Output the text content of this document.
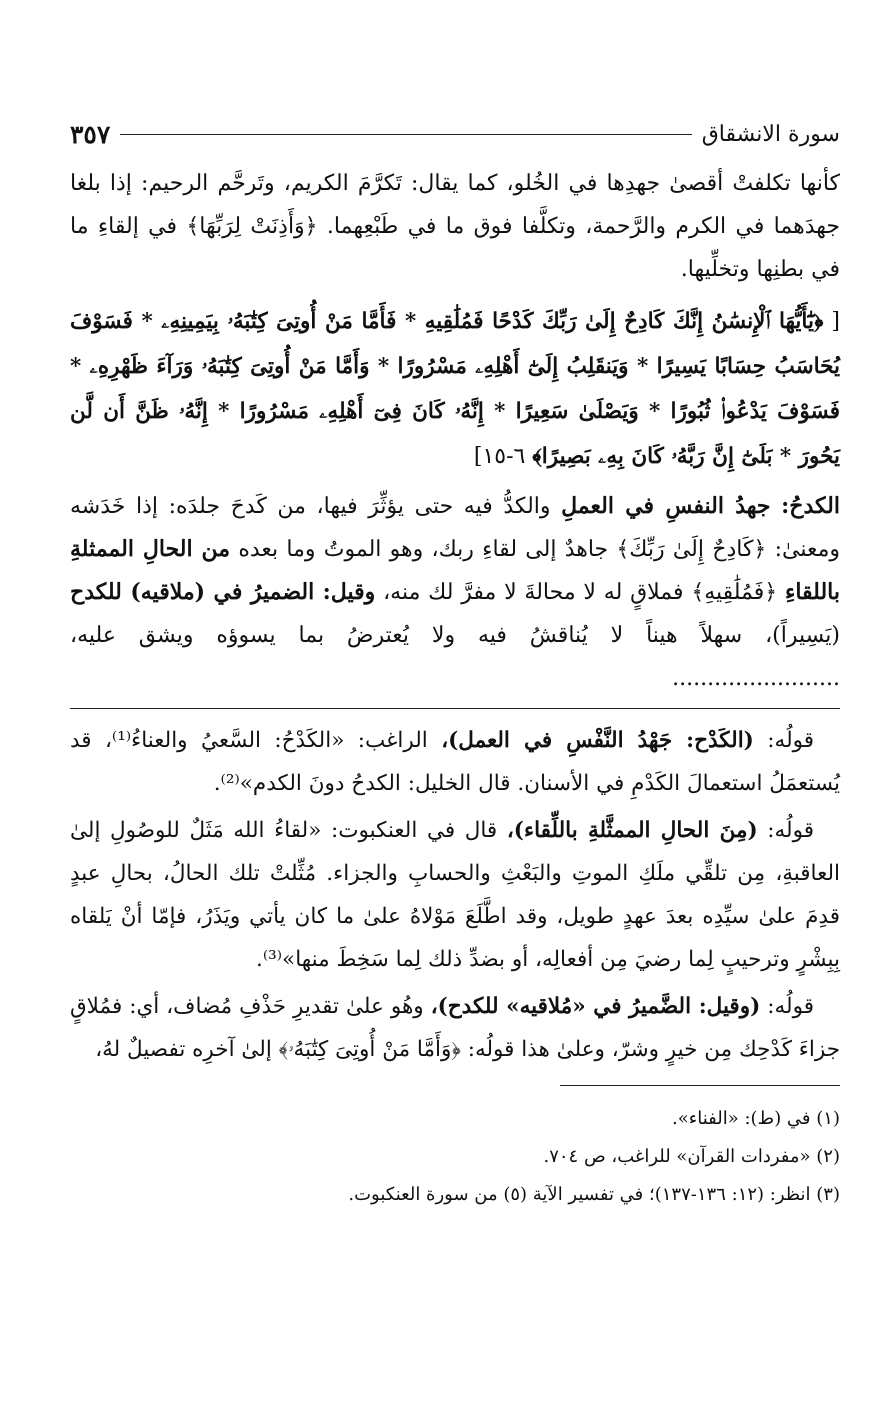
سورة الانشقاق
٣٥٧

كأنها تكلفتْ أقصىٰ جهدِها في الخُلو، كما يقال: تَكرَّمَ الكريم، وتَرحَّم الرحيم: إذا بلغا جهدَهما في الكرم والرَّحمة، وتكلَّفا فوق ما في طَبْعِهما. ﴿وَأَذِنَتْ لِرَبِّهَا﴾ في إلقاءِ ما في بطنِها وتخلِّيها.

[ ﴿يَٰٓأَيُّهَا ٱلْإِنسَٰنُ إِنَّكَ كَادِحٌ إِلَىٰ رَبِّكَ كَدْحًا فَمُلَٰقِيهِ * فَأَمَّا مَنْ أُوتِىَ كِتَٰبَهُۥ بِيَمِينِهِۦ * فَسَوْفَ يُحَاسَبُ حِسَابًا يَسِيرًا * وَيَنقَلِبُ إِلَىٰٓ أَهْلِهِۦ مَسْرُورًا * وَأَمَّا مَنْ أُوتِىَ كِتَٰبَهُۥ وَرَآءَ ظَهْرِهِۦ * فَسَوْفَ يَدْعُوا۟ ثُبُورًا * وَيَصْلَىٰ سَعِيرًا * إِنَّهُۥ كَانَ فِىٓ أَهْلِهِۦ مَسْرُورًا * إِنَّهُۥ ظَنَّ أَن لَّن يَحُورَ * بَلَىٰٓ إِنَّ رَبَّهُۥ كَانَ بِهِۦ بَصِيرًا﴾ ٦-١٥]

الكدحُ: جهدُ النفسِ في العملِ والكدُّ فيه حتى يؤثِّرَ فيها، من كَدحَ جلدَه: إذا خَدَشه ومعنىٰ: ﴿كَادِحٌ إِلَىٰ رَبِّكَ﴾ جاهدٌ إلى لقاءِ ربك، وهو الموتُ وما بعده من الحالِ الممثلةِ باللقاءِ ﴿فَمُلَٰقِيهِ﴾ فملاقٍ له لا محالةَ لا مفرَّ لك منه، وقيل: الضميرُ في (ملاقيه) للكدح (يَسِيراً)، سهلاً هيناً لا يُناقشُ فيه ولا يُعترضُ بما يسوؤه ويشق عليه، ........................

قولُه: (الكَدْح: جَهْدُ النَّفْسِ في العمل)، الراغب: «الكَدْحُ: السَّعيُ والعناءُ⁽¹⁾، قد يُستعمَلُ استعمالَ الكَدْمِ في الأسنان. قال الخليل: الكدحُ دونَ الكدم»⁽²⁾.

قولُه: (مِنَ الحالِ الممثَّلةِ باللِّقاء)، قال في العنكبوت: «لقاءُ الله مَثَلٌ للوصُولِ إلىٰ العاقبةِ، مِن تلقِّي ملَكِ الموتِ والبَعْثِ والحسابِ والجزاء. مُثِّلتْ تلك الحالُ، بحالِ عبدٍ قدِمَ علىٰ سيِّدِه بعدَ عهدٍ طويل، وقد اطَّلَعَ مَوْلاهُ علىٰ ما كان يأتي ويَذَرُ، فإمّا أنْ يَلقاه بِبِشْرٍ وترحيبٍ لِما رضيَ مِن أفعالِه، أو بضدِّ ذلك لِما سَخِطَ منها»⁽³⁾.

قولُه: (وقيل: الضَّميرُ في «مُلاقيه» للكدح)، وهُو علىٰ تقديرِ حَذْفِ مُضاف، أي: فمُلاقٍ جزاءَ كَدْحِك مِن خيرٍ وشرّ، وعلىٰ هذا قولُه: ﴿وَأَمَّا مَنْ أُوتِىَ كِتَٰبَهُۥ﴾ إلىٰ آخرِه تفصيلٌ لهُ،

(١) في (ط): «الفناء».

(٢) «مفردات القرآن» للراغب، ص ٧٠٤.

(٣) انظر: (١٢: ١٣٦-١٣٧)؛ في تفسير الآية (٥) من سورة العنكبوت.
